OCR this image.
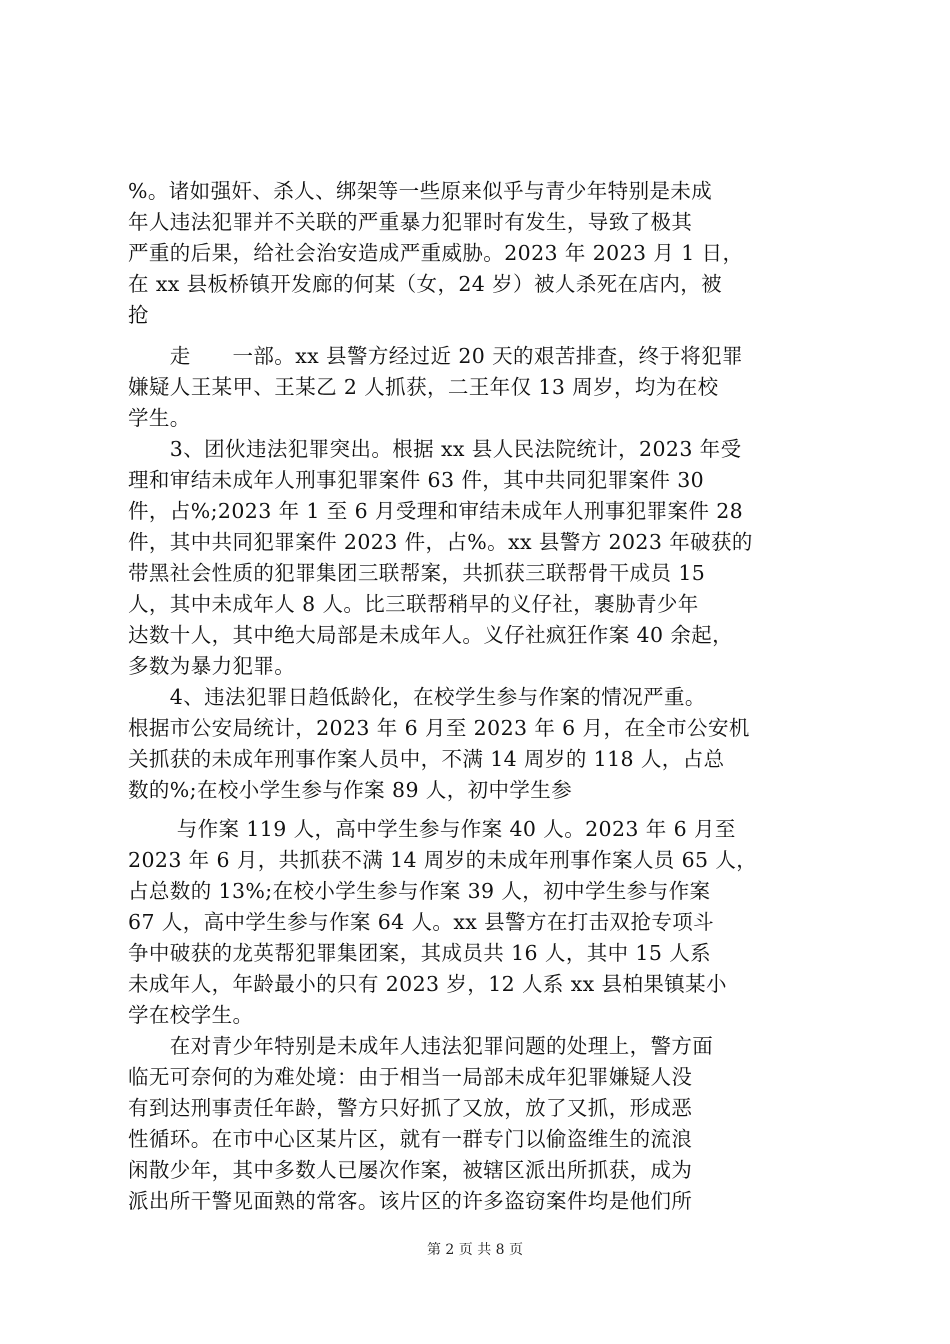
%。诸如强奸、杀人、绑架等一些原来似乎与青少年特别是未成
年人违法犯罪并不关联的严重暴力犯罪时有发生，导致了极其
严重的后果，给社会治安造成严重威胁。2023 年 2023 月 1 日，
在 xx 县板桥镇开发廊的何某（女，24 岁）被人杀死在店内，被
抢
　　走　　一部。xx 县警方经过近 20 天的艰苦排查，终于将犯罪
嫌疑人王某甲、王某乙 2 人抓获，二王年仅 13 周岁，均为在校
学生。
　　3、团伙违法犯罪突出。根据 xx 县人民法院统计，2023 年受
理和审结未成年人刑事犯罪案件 63 件，其中共同犯罪案件 30
件，占%;2023 年 1 至 6 月受理和审结未成年人刑事犯罪案件 28
件，其中共同犯罪案件 2023 件，占%。xx 县警方 2023 年破获的
带黑社会性质的犯罪集团三联帮案，共抓获三联帮骨干成员 15
人，其中未成年人 8 人。比三联帮稍早的义仔社，裹胁青少年
达数十人，其中绝大局部是未成年人。义仔社疯狂作案 40 余起，
多数为暴力犯罪。
　　4、违法犯罪日趋低龄化，在校学生参与作案的情况严重。
根据市公安局统计，2023 年 6 月至 2023 年 6 月，在全市公安机
关抓获的未成年刑事作案人员中，不满 14 周岁的 118 人，占总
数的%;在校小学生参与作案 89 人，初中学生参
　　 与作案 119 人，高中学生参与作案 40 人。2023 年 6 月至
2023 年 6 月，共抓获不满 14 周岁的未成年刑事作案人员 65 人，
占总数的 13%;在校小学生参与作案 39 人，初中学生参与作案
67 人，高中学生参与作案 64 人。xx 县警方在打击双抢专项斗
争中破获的龙英帮犯罪集团案，其成员共 16 人，其中 15 人系
未成年人，年龄最小的只有 2023 岁，12 人系 xx 县柏果镇某小
学在校学生。
　　在对青少年特别是未成年人违法犯罪问题的处理上，警方面
临无可奈何的为难处境：由于相当一局部未成年犯罪嫌疑人没
有到达刑事责任年龄，警方只好抓了又放，放了又抓，形成恶
性循环。在市中心区某片区，就有一群专门以偷盗维生的流浪
闲散少年，其中多数人已屡次作案，被辖区派出所抓获，成为
派出所干警见面熟的常客。该片区的许多盗窃案件均是他们所
第 2 页 共 8 页
